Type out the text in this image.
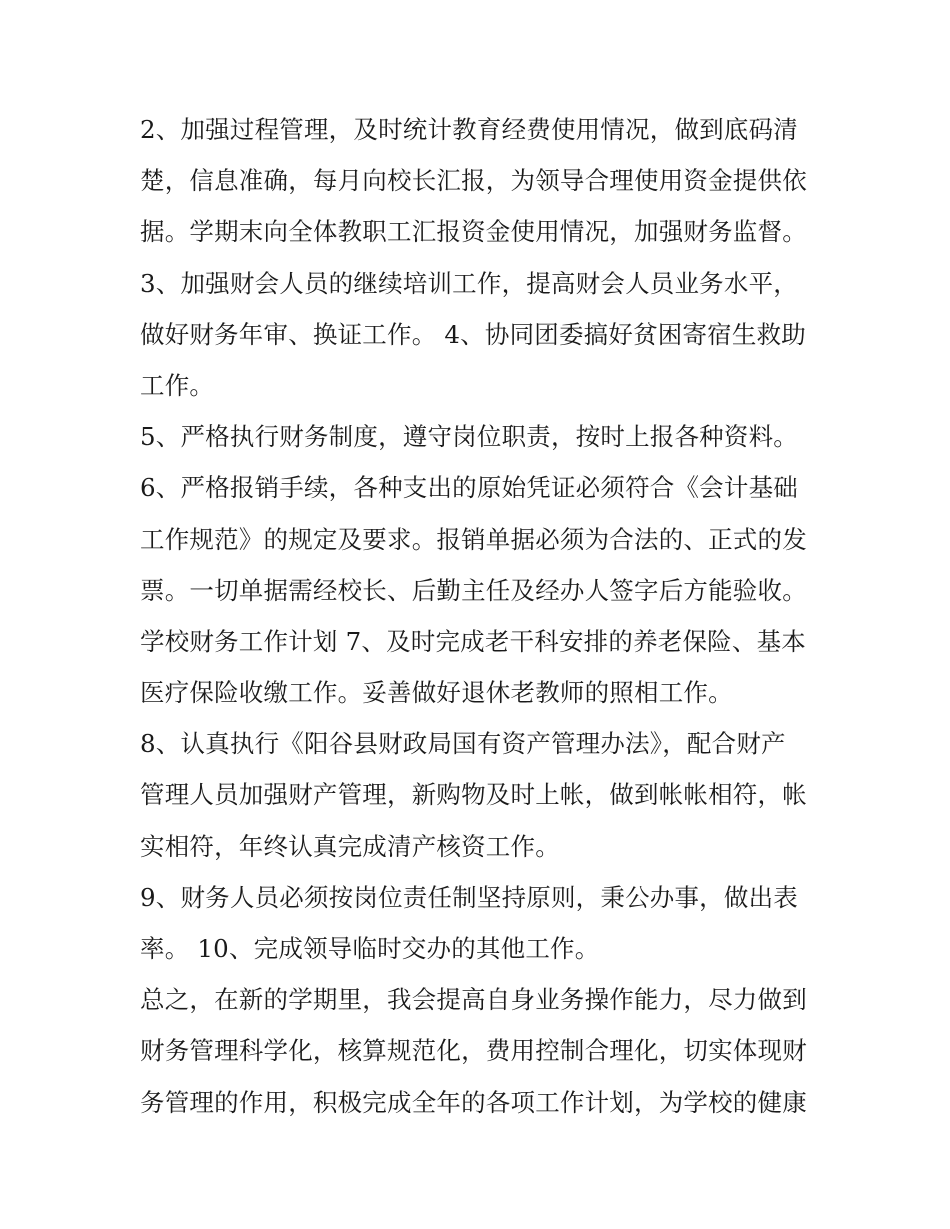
2、加强过程管理，及时统计教育经费使用情况，做到底码清
楚，信息准确，每月向校长汇报，为领导合理使用资金提供依
据。学期末向全体教职工汇报资金使用情况，加强财务监督。
3、加强财会人员的继续培训工作，提高财会人员业务水平，
做好财务年审、换证工作。 4、协同团委搞好贫困寄宿生救助
工作。
5、严格执行财务制度，遵守岗位职责，按时上报各种资料。
6、严格报销手续，各种支出的原始凭证必须符合《会计基础
工作规范》的规定及要求。报销单据必须为合法的、正式的发
票。一切单据需经校长、后勤主任及经办人签字后方能验收。
学校财务工作计划 7、及时完成老干科安排的养老保险、基本
医疗保险收缴工作。妥善做好退休老教师的照相工作。
8、认真执行《阳谷县财政局国有资产管理办法》，配合财产
管理人员加强财产管理，新购物及时上帐，做到帐帐相符，帐
实相符，年终认真完成清产核资工作。
9、财务人员必须按岗位责任制坚持原则，秉公办事，做出表
率。 10、完成领导临时交办的其他工作。
总之，在新的学期里，我会提高自身业务操作能力，尽力做到
财务管理科学化，核算规范化，费用控制合理化，切实体现财
务管理的作用，积极完成全年的各项工作计划，为学校的健康
